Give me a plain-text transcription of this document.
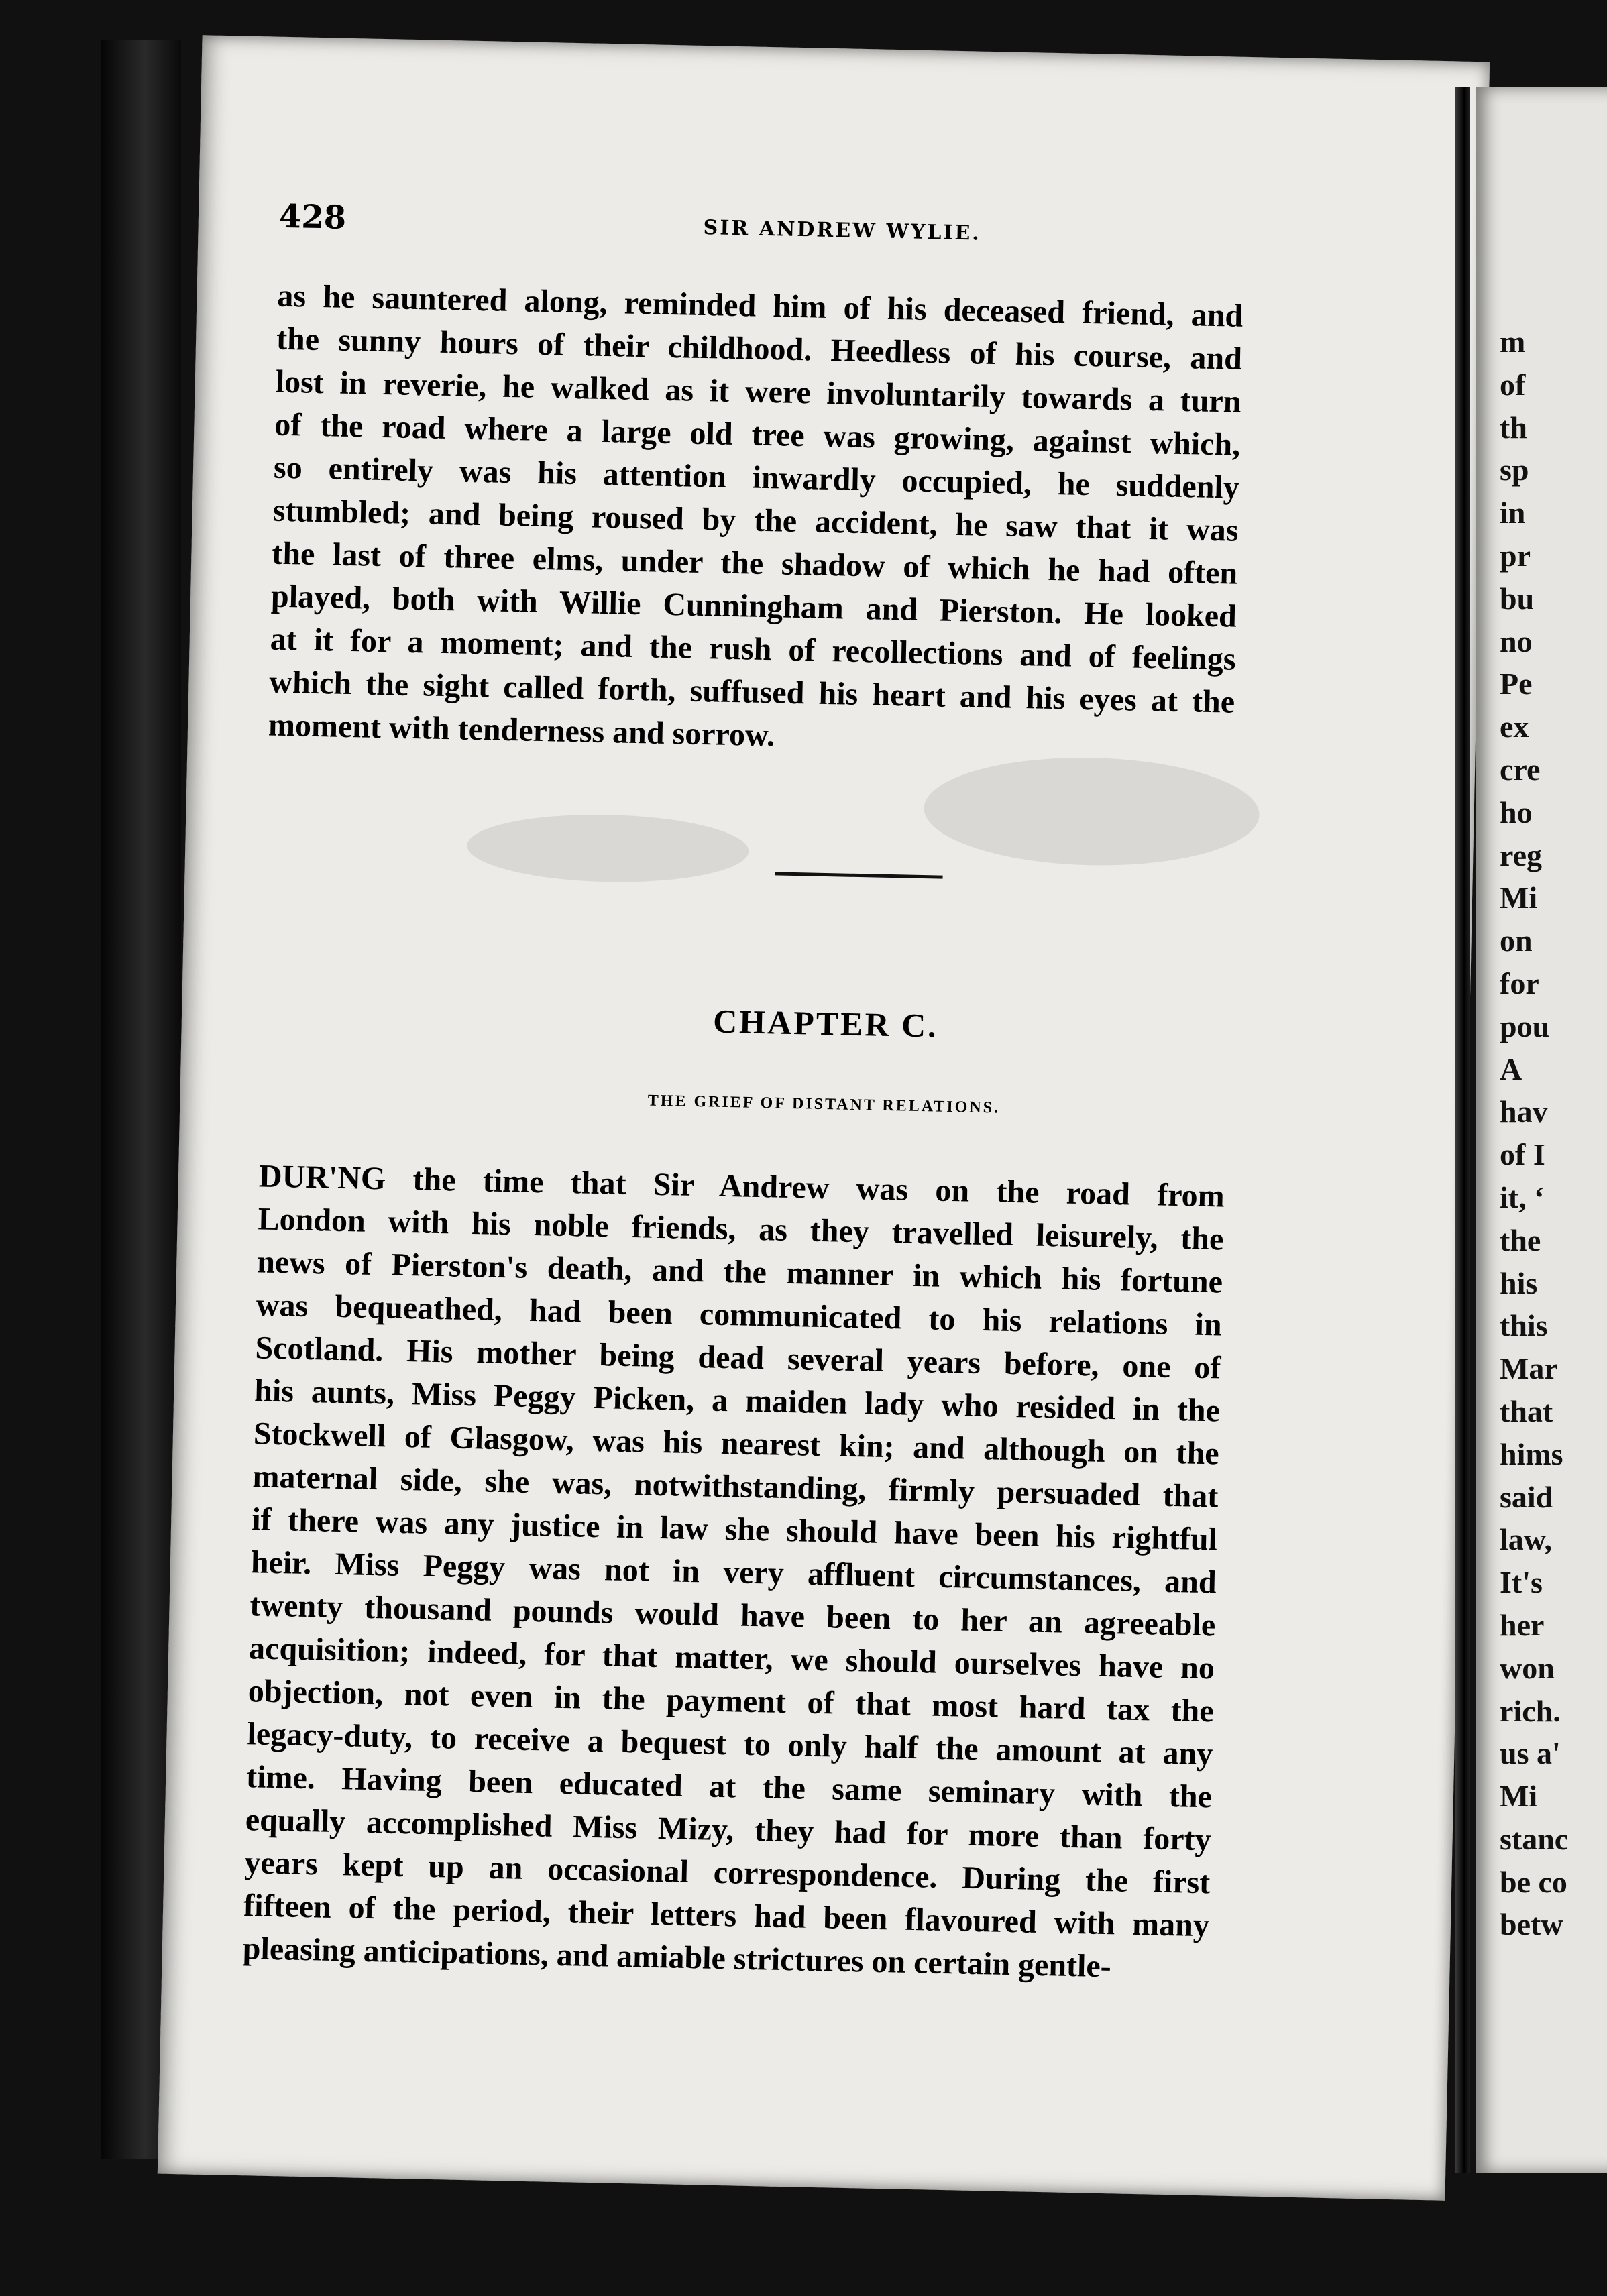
428	SIR ANDREW WYLIE.
as he sauntered along, reminded him of his deceased friend, and
the sunny hours of their childhood. Heedless of his course, and
lost in reverie, he walked as it were involuntarily towards a turn
of the road where a large old tree was growing, against which,
so entirely was his attention inwardly occupied, he suddenly
stumbled; and being roused by the accident, he saw that it was
the last of three elms, under the shadow of which he had often
played, both with Willie Cunningham and Pierston. He looked
at it for a moment; and the rush of recollections and of feelings
which the sight called forth, suffused his heart and his eyes at the
moment with tenderness and sorrow.
CHAPTER C.
THE GRIEF OF DISTANT RELATIONS.
DUR'NG the time that Sir Andrew was on the road from
London with his noble friends, as they travelled leisurely, the
news of Pierston's death, and the manner in which his fortune
was bequeathed, had been communicated to his relations in
Scotland. His mother being dead several years before, one of
his aunts, Miss Peggy Picken, a maiden lady who resided in the
Stockwell of Glasgow, was his nearest kin; and although on the
maternal side, she was, notwithstanding, firmly persuaded that
if there was any justice in law she should have been his rightful
heir. Miss Peggy was not in very affluent circumstances, and
twenty thousand pounds would have been to her an agreeable
acquisition; indeed, for that matter, we should ourselves have no
objection, not even in the payment of that most hard tax the
legacy-duty, to receive a bequest to only half the amount at any
time. Having been educated at the same seminary with the
equally accomplished Miss Mizy, they had for more than forty
years kept up an occasional correspondence. During the first
fifteen of the period, their letters had been flavoured with many
pleasing anticipations, and amiable strictures on certain gentle-
m
of
th
sp
in
pr
bu
no
Pe
ex
cre
ho
reg
Mi
on
for
pou
A
hav
of I
it, ‘
the
his
this
Mar
that
hims
said
law,
It's
her
won
rich.
us a'
Mi
stanc
be co
betw
